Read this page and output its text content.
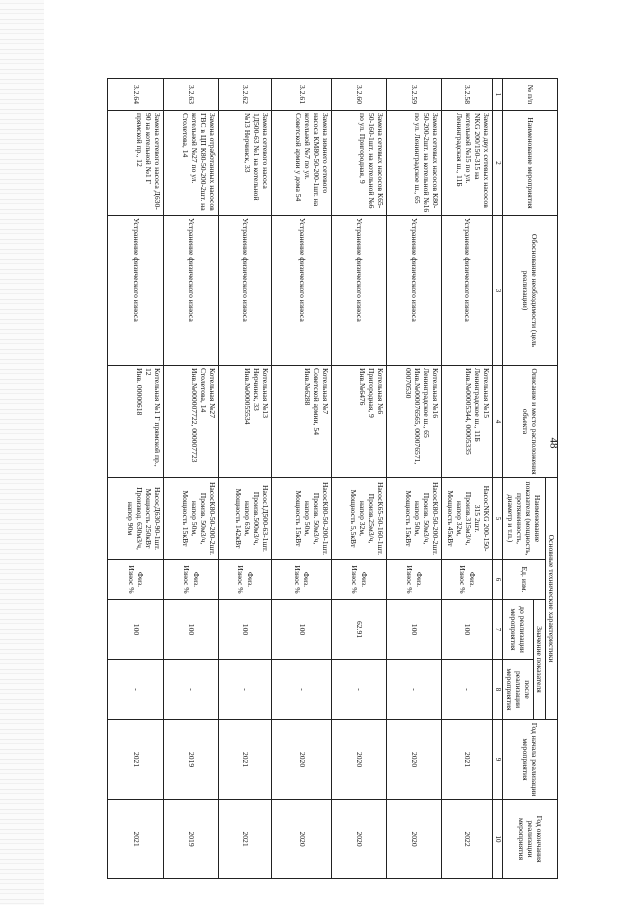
48
№ п/п	Наименование мероприятия	Обоснование необходимости (цель реализации)	Описание и место расположения объекта	Основные технические характеристики				Год начала реализации мероприятия	Год окончания реализации мероприятия
				Наименование показателя (мощность, протяженность, диаметр и т.п.)	Ед. изм.	Значение показателя			
						до реализации мероприятия	после реализации мероприятия		
1	2	3	4	5	6	7	8	9	10
3.2.58	Замена двух сетевых насосов NKG 200/150-315 на котельной №15 по ул. Ленинградская ш., 11Б	Устранение физического износа	Котельная №15
Ленинградское ш., 11Б
Инв.№00005344, 00005335	НасосNKG 200-150-315 2шт.
Произв.315м3/ч,
напор 32м,
Мощность 45кВт	Физ. Износ %	100	-	2021	2022
3.2.59	Замена сетевых насосов К80-50-200-2шт. на котельной №16 по ул. Ленинградское ш., 65	Устранение физического износа	Котельная №16
Ленинградское ш., 65
Инв.№000076565, 000076571, 00070530	НасосК80-50-200-2шт.
Произв. 50м3/ч,
напор 50м,
Мощность 15кВт	Физ. Износ %	100	-	2020	2020
3.2.60	Замена сетевых насосов К65-50-160-1шт. на котельной №6 по ул. Пригородная, 9	Устранение физического износа	Котельная №6
Пригородная, 9
Инв.№6476	НасосК65-50-160-1шт.
Произв.25м3/ч,
напор 32м,
Мощность 5,5кВт	Физ. Износ %	62.91	-	2020	2020
3.2.61	Замена зимнего сетевого насоса КМ80-50-200-1шт. на котельной №7 по ул. Советской армии у дома 54	Устранение физического износа	Котельная №7
Советской армии, 54
Инв.№6288	НасосК80-50-200-1шт.
Произв. 50м3/ч,
напор 50м,
Мощность 15кВт	Физ. Износ %	100	-	2020	2020
3.2.62	Замена сетевого насоса 1Д500-63 №1 на котельной №13 Нерчинск, 33	Устранение физического износа	Котельная №13
Нерчинск, 33
Инв.№000055534	Насос1Д500-63-1шт.
Произв.500м3/ч,
напор 63м,
Мощность 142кВт	Физ. Износ %	100	-	2021	2021
3.2.63	Замена отработанных насосов ГВС в ЦП К80-50-200-2шт. на котельной №27 по ул. Столетова, 14	Устранение физического износа	Котельная №27
Столетова, 14
Инв.№000007722, 000007723	НасосК80-50-200-2шт.
Произв. 50м3/ч,
напор 50м,
Мощность 15кВт	Физ. Износ %	100	-	2019	2019
3.2.64	Замена сетевого насоса Д630-90 на котельной №1 Г прямской пр., 12	Устранение физического износа	Котельная №1 Г прямской пр., 12
Инв. 00000618	НасосД630-90-1шт.
Мощность 250кВт Производ. 630м3/ч, напор 90м	Физ. Износ %	100	-	2021	2021
